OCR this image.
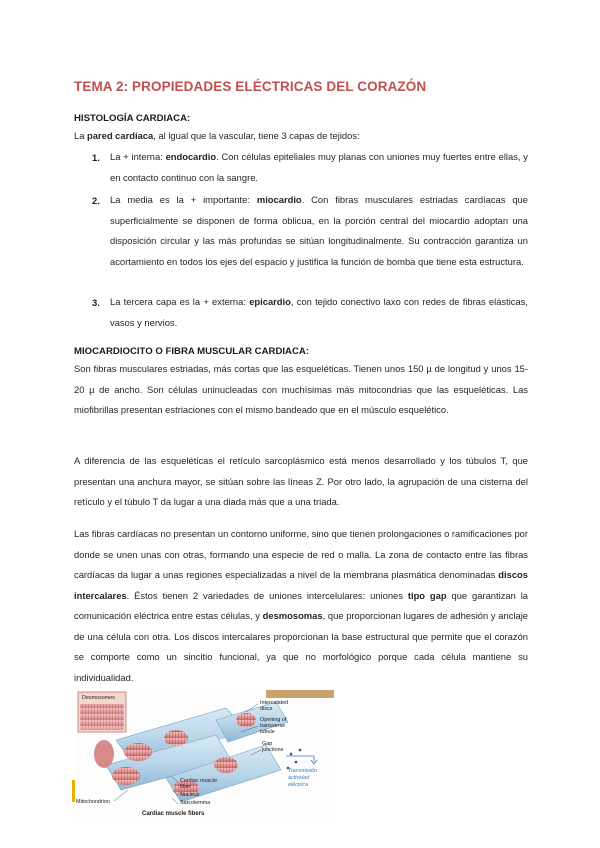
TEMA 2: PROPIEDADES ELÉCTRICAS DEL CORAZÓN
HISTOLOGÍA CARDIACA:
La pared cardiaca, al igual que la vascular, tiene 3 capas de tejidos:
1. La + interna: endocardio. Con células epiteliales muy planas con uniones muy fuertes entre ellas, y en contacto continuo con la sangre.
2. La media es la + importante: miocardio. Con fibras musculares estriadas cardíacas que superficialmente se disponen de forma oblicua, en la porción central del miocardio adoptan una disposición circular y las más profundas se sitúan longitudinalmente. Su contracción garantiza un acortamiento en todos los ejes del espacio y justifica la función de bomba que tiene esta estructura.
3. La tercera capa es la + externa: epicardio, con tejido conectivo laxo con redes de fibras elásticas, vasos y nervios.
MIOCARDIOCITO O FIBRA MUSCULAR CARDIACA:
Son fibras musculares estriadas, más cortas que las esqueléticas. Tienen unos 150 µ de longitud y unos 15-20 µ de ancho. Son células uninucleadas con muchísimas más mitocondrias que las esqueléticas. Las miofibrillas presentan estriaciones con el mismo bandeado que en el músculo esquelético.
A diferencia de las esqueléticas el retículo sarcoplásmico está menos desarrollado y los túbulos T, que presentan una anchura mayor, se sitúan sobre las líneas Z. Por otro lado, la agrupación de una cisterna del retículo y el túbulo T da lugar a una diada más que a una triada.
Las fibras cardíacas no presentan un contorno uniforme, sino que tienen prolongaciones o ramificaciones por donde se unen unas con otras, formando una especie de red o malla. La zona de contacto entre las fibras cardíacas da lugar a unas regiones especializadas a nivel de la membrana plasmática denominadas discos intercalares. Éstos tienen 2 variedades de uniones intercelulares: uniones tipo gap que garantizan la comunicación eléctrica entre estas células, y desmosomas, que proporcionan lugares de adhesión y anclaje de una célula con otra. Los discos intercalares proporcionan la base estructural que permite que el corazón se comporte como un sincitio funcional, ya que no morfológico porque cada célula mantiene su individualidad.
Desmosomes
Intercalated
discs
Opening of
transverse
tubule
Gap
junctions
Mitochondrion
Cardiac muscle
fiber
Nucleus
Sarcolemma
Cardiac muscle fibers
Transmisión
actividad
eléctrica
